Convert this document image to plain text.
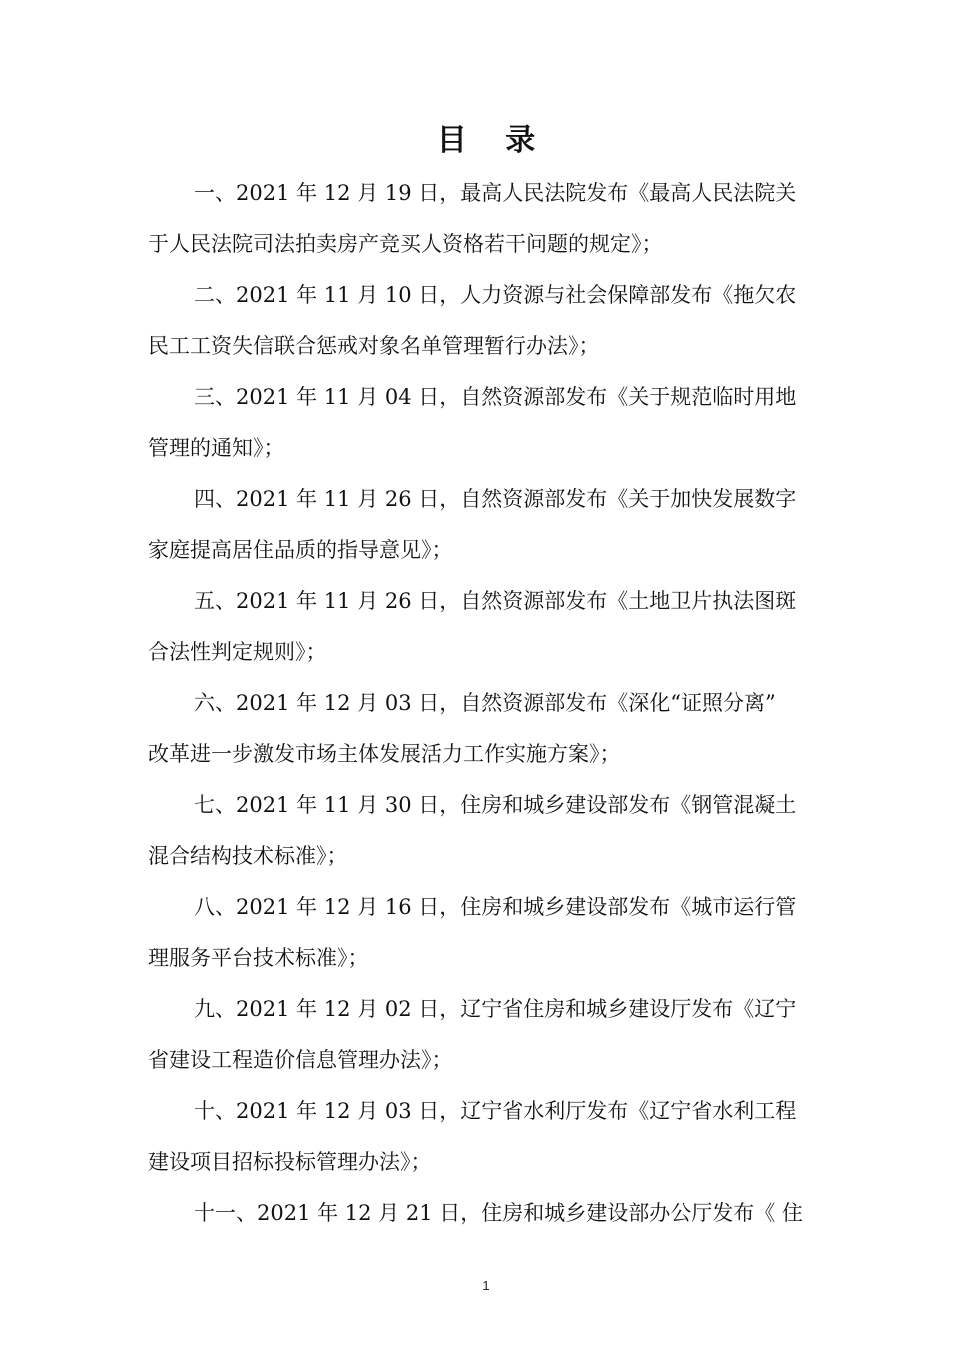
目 录

一、2021 年 12 月 19 日，最高人民法院发布《最高人民法院关
于人民法院司法拍卖房产竞买人资格若干问题的规定》；

二、2021 年 11 月 10 日，人力资源与社会保障部发布《拖欠农
民工工资失信联合惩戒对象名单管理暂行办法》；

三、2021 年 11 月 04 日，自然资源部发布《关于规范临时用地
管理的通知》；

四、2021 年 11 月 26 日，自然资源部发布《关于加快发展数字
家庭提高居住品质的指导意见》；

五、2021 年 11 月 26 日，自然资源部发布《土地卫片执法图斑
合法性判定规则》；

六、2021 年 12 月 03 日，自然资源部发布《深化“证照分离”
改革进一步激发市场主体发展活力工作实施方案》；

七、2021 年 11 月 30 日，住房和城乡建设部发布《钢管混凝土
混合结构技术标准》；

八、2021 年 12 月 16 日，住房和城乡建设部发布《城市运行管
理服务平台技术标准》；

九、2021 年 12 月 02 日，辽宁省住房和城乡建设厅发布《辽宁
省建设工程造价信息管理办法》；

十、2021 年 12 月 03 日，辽宁省水利厅发布《辽宁省水利工程
建设项目招标投标管理办法》；

十一、2021 年 12 月 21 日，住房和城乡建设部办公厅发布《 住

1
